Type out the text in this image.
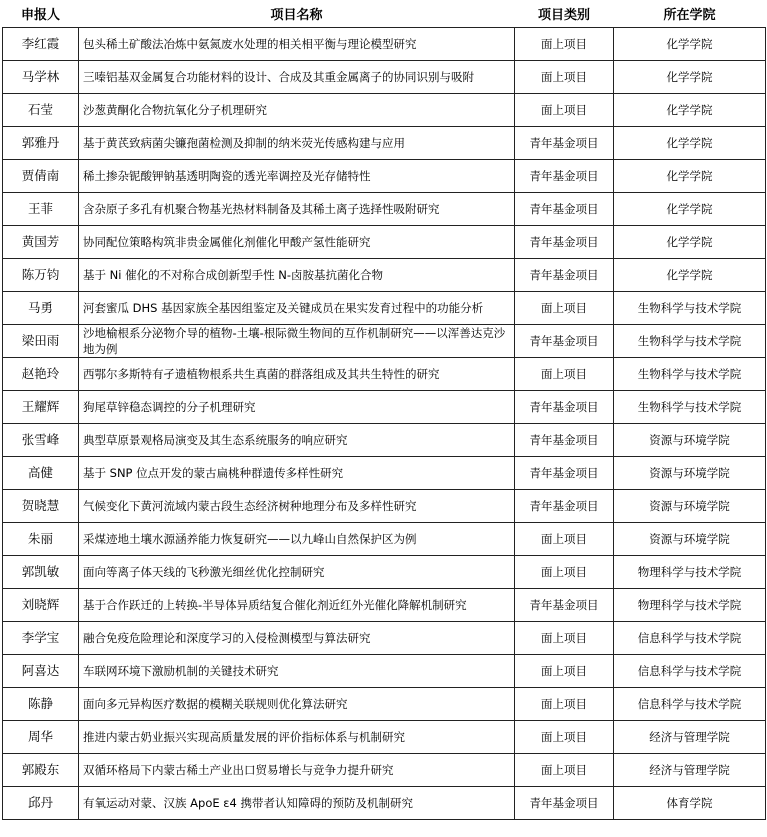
申报人	项目名称	项目类别	所在学院
李红霞	包头稀土矿酸法冶炼中氨氮废水处理的相关相平衡与理论模型研究	面上项目	化学学院
马学林	三嗪铝基双金属复合功能材料的设计、合成及其重金属离子的协同识别与吸附	面上项目	化学学院
石莹	沙葱黄酮化合物抗氧化分子机理研究	面上项目	化学学院
郭雅丹	基于黄芪致病菌尖镰孢菌检测及抑制的纳米荧光传感构建与应用	青年基金项目	化学学院
贾倩南	稀土掺杂铌酸钾钠基透明陶瓷的透光率调控及光存储特性	青年基金项目	化学学院
王菲	含杂原子多孔有机聚合物基光热材料制备及其稀土离子选择性吸附研究	青年基金项目	化学学院
黄国芳	协同配位策略构筑非贵金属催化剂催化甲酸产氢性能研究	青年基金项目	化学学院
陈万钧	基于 Ni 催化的不对称合成创新型手性 N-卤胺基抗菌化合物	青年基金项目	化学学院
马勇	河套蜜瓜 DHS 基因家族全基因组鉴定及关键成员在果实发育过程中的功能分析	面上项目	生物科学与技术学院
梁田雨	沙地榆根系分泌物介导的植物-土壤-根际微生物间的互作机制研究——以浑善达克沙地为例	青年基金项目	生物科学与技术学院
赵艳玲	西鄂尔多斯特有孑遗植物根系共生真菌的群落组成及其共生特性的研究	面上项目	生物科学与技术学院
王耀辉	狗尾草锌稳态调控的分子机理研究	青年基金项目	生物科学与技术学院
张雪峰	典型草原景观格局演变及其生态系统服务的响应研究	青年基金项目	资源与环境学院
高健	基于 SNP 位点开发的蒙古扁桃种群遗传多样性研究	青年基金项目	资源与环境学院
贺晓慧	气候变化下黄河流域内蒙古段生态经济树种地理分布及多样性研究	青年基金项目	资源与环境学院
朱丽	采煤迹地土壤水源涵养能力恢复研究——以九峰山自然保护区为例	面上项目	资源与环境学院
郭凯敏	面向等离子体天线的飞秒激光细丝优化控制研究	面上项目	物理科学与技术学院
刘晓辉	基于合作跃迁的上转换-半导体异质结复合催化剂近红外光催化降解机制研究	青年基金项目	物理科学与技术学院
李学宝	融合免疫危险理论和深度学习的入侵检测模型与算法研究	面上项目	信息科学与技术学院
阿喜达	车联网环境下激励机制的关键技术研究	面上项目	信息科学与技术学院
陈静	面向多元异构医疗数据的模糊关联规则优化算法研究	面上项目	信息科学与技术学院
周华	推进内蒙古奶业振兴实现高质量发展的评价指标体系与机制研究	面上项目	经济与管理学院
郭殿东	双循环格局下内蒙古稀土产业出口贸易增长与竞争力提升研究	面上项目	经济与管理学院
邱丹	有氧运动对蒙、汉族 ApoE ε4 携带者认知障碍的预防及机制研究	青年基金项目	体育学院
